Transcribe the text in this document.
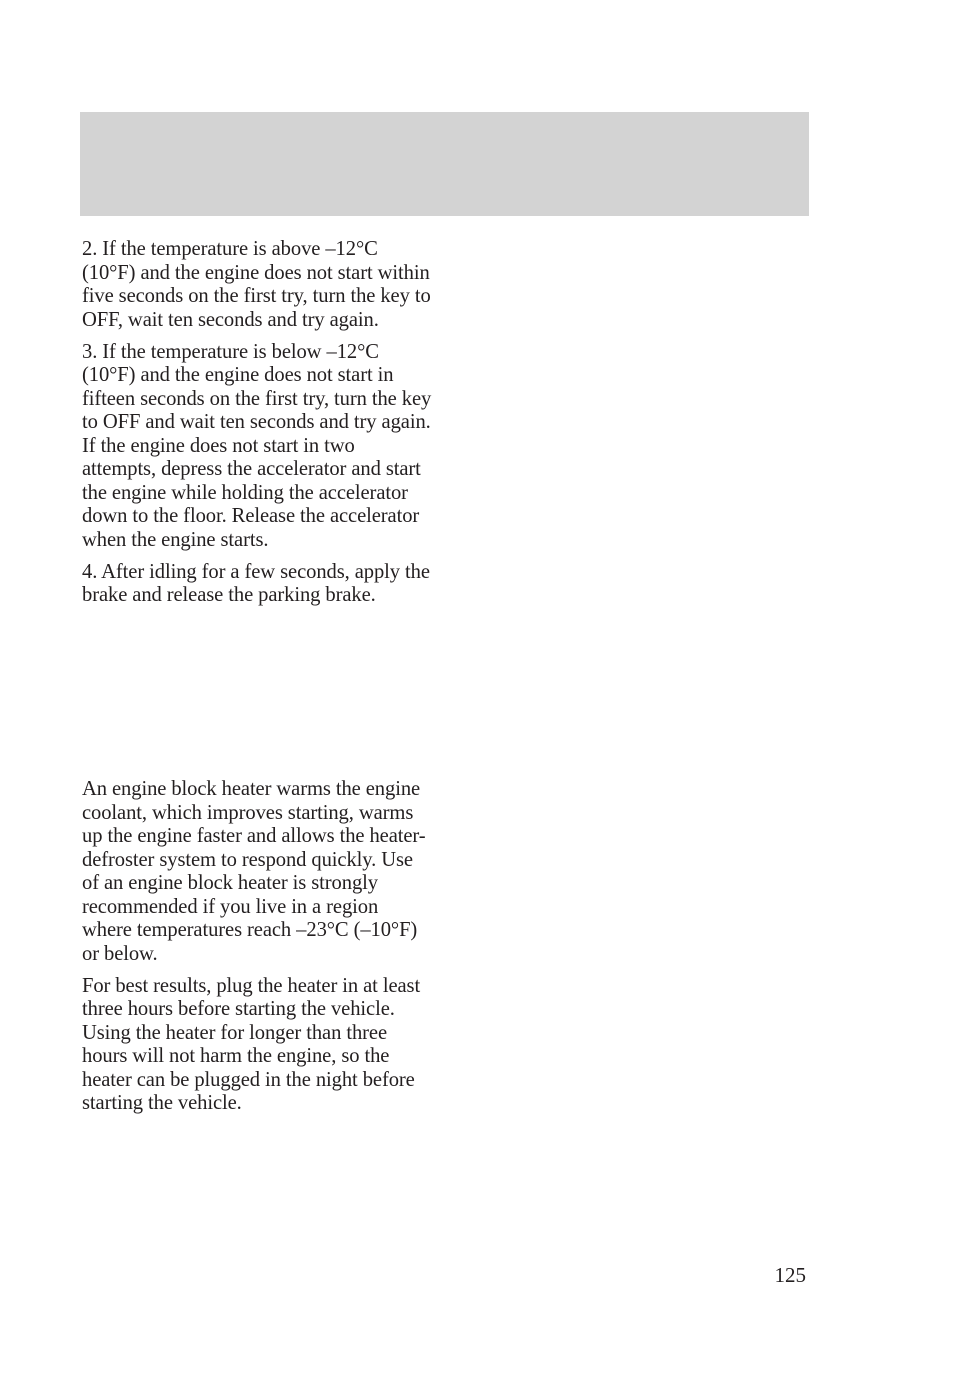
2. If the temperature is above –12°C (10°F) and the engine does not start within five seconds on the first try, turn the key to OFF, wait ten seconds and try again.

3. If the temperature is below –12°C (10°F) and the engine does not start in fifteen seconds on the first try, turn the key to OFF and wait ten seconds and try again. If the engine does not start in two attempts, depress the accelerator and start the engine while holding the accelerator down to the floor. Release the accelerator when the engine starts.

4. After idling for a few seconds, apply the brake and release the parking brake.

An engine block heater warms the engine coolant, which improves starting, warms up the engine faster and allows the heater-defroster system to respond quickly. Use of an engine block heater is strongly recommended if you live in a region where temperatures reach –23°C (–10°F) or below.

For best results, plug the heater in at least three hours before starting the vehicle. Using the heater for longer than three hours will not harm the engine, so the heater can be plugged in the night before starting the vehicle.

125
